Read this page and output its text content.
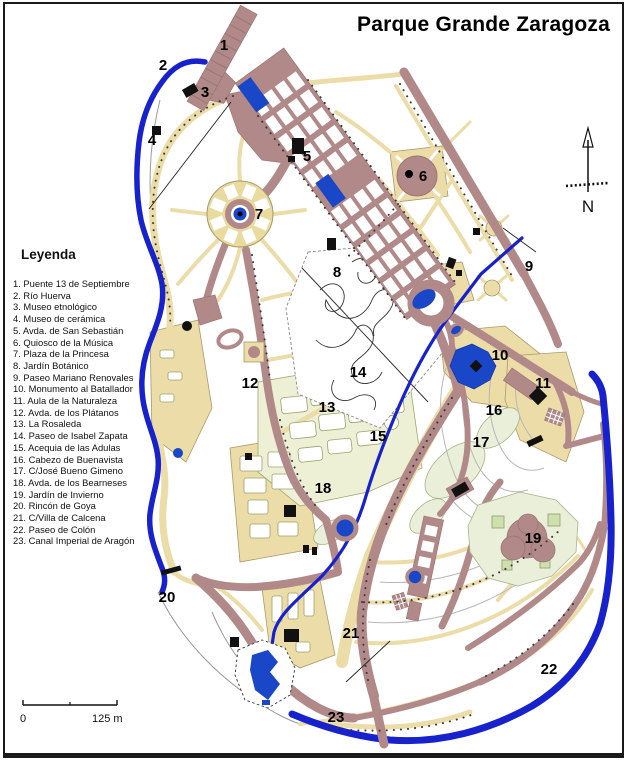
N
0	125 m
1
2
3
4
5
6
7
8	9
10
11
12
13
14
15
16
17
18
19
20
21
22
23
Parque Grande Zaragoza
Leyenda
1. Puente 13 de Septiembre
2. Río Huerva
3. Museo etnológico
4. Museo de cerámica
5. Avda. de San Sebastián
6. Quiosco de la Música
7. Plaza de la Princesa
8. Jardín Botánico
9. Paseo Mariano Renovales
10. Monumento al Batallador
11. Aula de la Naturaleza
12. Avda. de los Plátanos
13. La Rosaleda
14. Paseo de Isabel Zapata
15. Acequia de las Adulas
16. Cabezo de Buenavista
17. C/José Bueno Gimeno
18. Avda. de los Bearneses
19. Jardín de Invierno
20. Rincón de Goya
21. C/Villa de Calcena
22. Paseo de Colón
23. Canal Imperial de Aragón
